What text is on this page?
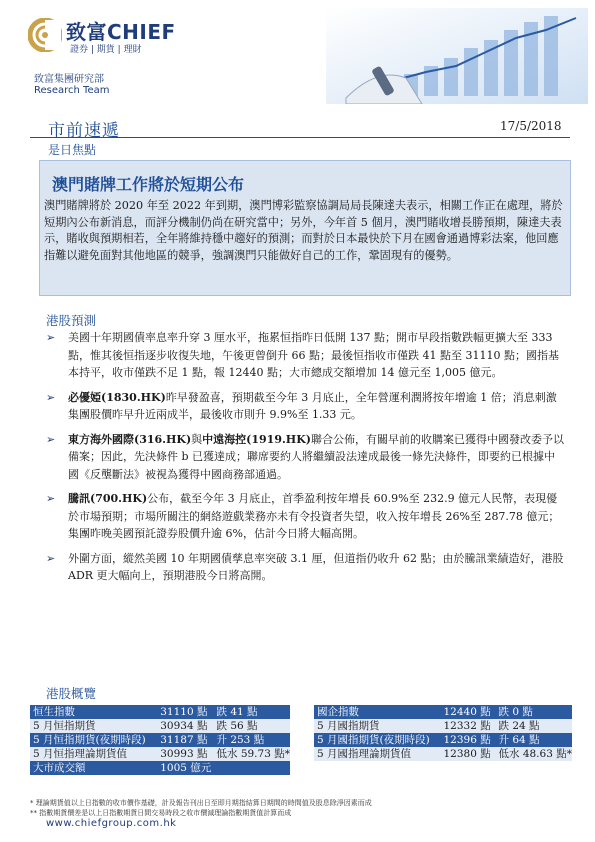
致富CHIEF
證券 | 期貨 | 理財
致富集團研究部
Research Team
市前速遞	17/5/2018
是日焦點
澳門賭牌工作將於短期公布
澳門賭牌將於 2020 年至 2022 年到期，澳門博彩監察協調局局長陳達夫表示，相關工作正在處理，將於短期內公布新消息，而評分機制仍尚在研究當中；另外，今年首 5 個月，澳門賭收增長勝預期，陳達夫表示，賭收與預期相若，全年將維持穩中趨好的預測；而對於日本最快於下月在國會通過博彩法案，他回應指難以避免面對其他地區的競爭，強調澳門只能做好自己的工作，鞏固現有的優勢。
港股預測
➢ 美國十年期國債率息率升穿 3 厘水平，拖累恒指昨日低開 137 點；開市早段指數跌幅更擴大至 333 點，惟其後恒指逐步收復失地，午後更曾倒升 66 點；最後恒指收市僅跌 41 點至 31110 點；國指基本持平，收市僅跌不足 1 點，報 12440 點；大市總成交額增加 14 億元至 1,005 億元。
➢ 必優婭(1830.HK)昨早發盈喜，預期截至今年 3 月底止，全年營運利潤將按年增逾 1 倍；消息刺激集團股價昨早升近兩成半，最後收市則升 9.9%至 1.33 元。
➢ 東方海外國際(316.HK)與中遠海控(1919.HK)聯合公佈，有關早前的收購案已獲得中國發改委予以備案；因此，先決條件 b 已獲達成；聯席要約人將繼續設法達成最後一條先決條件，即要約已根據中國《反壟斷法》被視為獲得中國商務部通過。
➢ 騰訊(700.HK)公布，截至今年 3 月底止，首季盈利按年增長 60.9%至 232.9 億元人民幣，表現優於市場預期；市場所關注的網絡遊戲業務亦未有令投資者失望，收入按年增長 26%至 287.78 億元；集團昨晚美國預託證券股價升逾 6%，估計今日將大幅高開。
➢ 外圍方面，縱然美國 10 年期國債孳息率突破 3.1 厘，但道指仍收升 62 點；由於騰訊業績造好，港股 ADR 更大幅向上，預期港股今日將高開。
港股概覽
恒生指數	31110 點	跌 41 點
5 月恒指期貨	30934 點	跌 56 點
5 月恒指期貨(夜期時段)	31187 點	升 253 點
5 月恒指理論期貨值	30993 點	低水 59.73 點*
大市成交額	1005 億元	
國企指數	12440 點	跌 0 點
5 月國指期貨	12332 點	跌 24 點
5 月國指期貨(夜期時段)	12396 點	升 64 點
5 月國指理論期貨值	12380 點	低水 48.63 點*
* 理論期貨值以上日指數的收市價作基礎，計及報告刊出日至即月期指結算日期間的時間值及股息除淨因素而成
** 指數期貨價差是以上日指數期貨日間交易時段之收市價減理論指數期貨值計算而成
www.chiefgroup.com.hk
